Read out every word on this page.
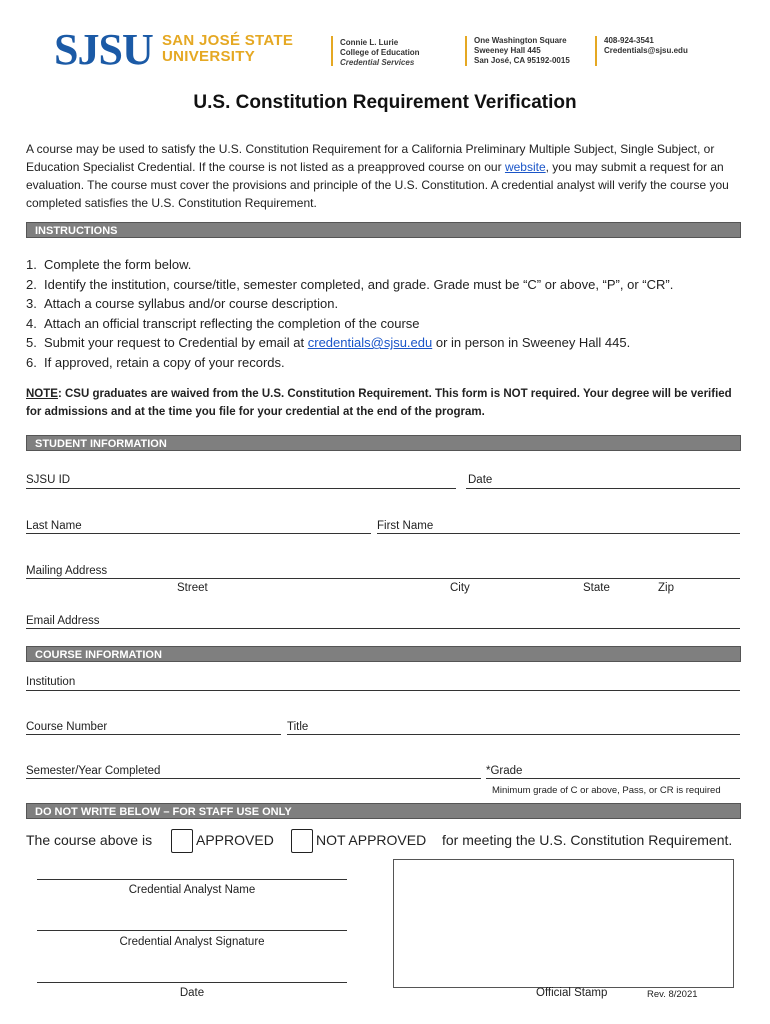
SJSU SAN JOSÉ STATE
UNIVERSITY
Connie L. Lurie
College of Education
Credential Services
One Washington Square
Sweeney Hall 445
San José, CA 95192-0015
408-924-3541
Credentials@sjsu.edu
U.S. Constitution Requirement Verification
A course may be used to satisfy the U.S. Constitution Requirement for a California Preliminary Multiple Subject, Single Subject, or Education Specialist Credential. If the course is not listed as a preapproved course on our website, you may submit a request for an evaluation. The course must cover the provisions and principle of the U.S. Constitution. A credential analyst will verify the course you completed satisfies the U.S. Constitution Requirement.
INSTRUCTIONS
1. Complete the form below.
2. Identify the institution, course/title, semester completed, and grade. Grade must be “C” or above, “P”, or “CR”.
3. Attach a course syllabus and/or course description.
4. Attach an official transcript reflecting the completion of the course
5. Submit your request to Credential by email at credentials@sjsu.edu or in person in Sweeney Hall 445.
6. If approved, retain a copy of your records.
NOTE: CSU graduates are waived from the U.S. Constitution Requirement. This form is NOT required. Your degree will be verified for admissions and at the time you file for your credential at the end of the program.
STUDENT INFORMATION
SJSU ID	Date
Last Name	First Name
Mailing Address
Street	City	State	Zip
Email Address
COURSE INFORMATION
Institution
Course Number	Title
Semester/Year Completed	*Grade
Minimum grade of C or above, Pass, or CR is required
DO NOT WRITE BELOW – FOR STAFF USE ONLY
The course above is	APPROVED	NOT APPROVED for meeting the U.S. Constitution Requirement.
Credential Analyst Name
Credential Analyst Signature
Date	Official Stamp	Rev. 8/2021
